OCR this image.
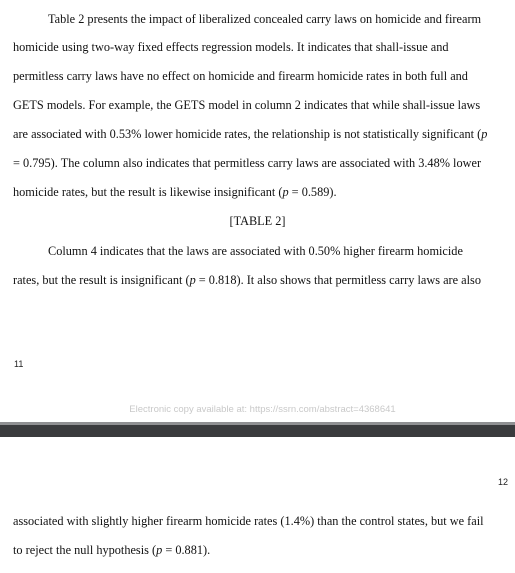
Table 2 presents the impact of liberalized concealed carry laws on homicide and firearm
homicide using two-way fixed effects regression models. It indicates that shall-issue and
permitless carry laws have no effect on homicide and firearm homicide rates in both full and
GETS models. For example, the GETS model in column 2 indicates that while shall-issue laws
are associated with 0.53% lower homicide rates, the relationship is not statistically significant (p
= 0.795). The column also indicates that permitless carry laws are associated with 3.48% lower
homicide rates, but the result is likewise insignificant (p = 0.589).
[TABLE 2]
Column 4 indicates that the laws are associated with 0.50% higher firearm homicide
rates, but the result is insignificant (p = 0.818). It also shows that permitless carry laws are also
11
Electronic copy available at: https://ssrn.com/abstract=4368641
12
associated with slightly higher firearm homicide rates (1.4%) than the control states, but we fail
to reject the null hypothesis (p = 0.881).
